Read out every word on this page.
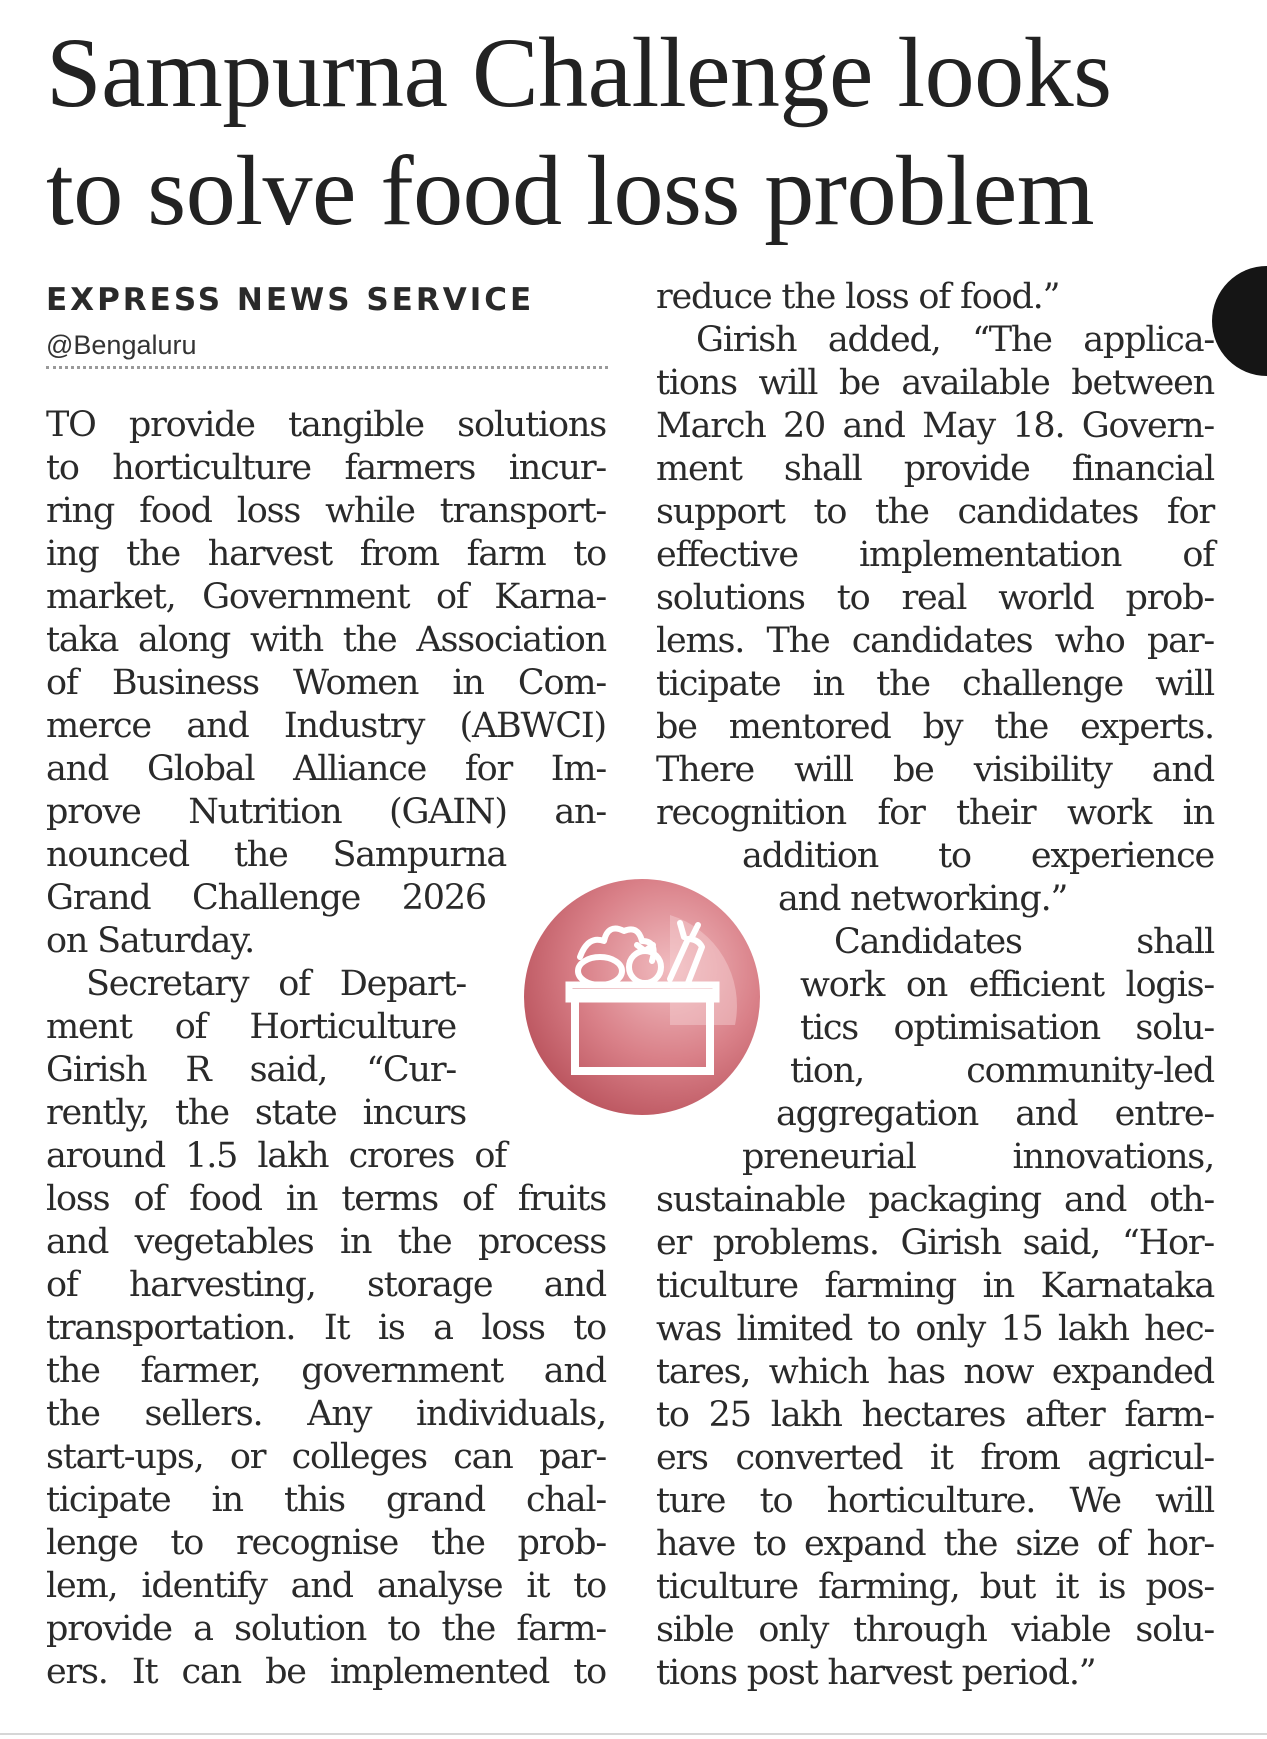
Sampurna Challenge looks
to solve food loss problem
EXPRESS NEWS SERVICE
@Bengaluru
TO provide tangible solutions
to horticulture farmers incur-
ring food loss while transport-
ing the harvest from farm to
market, Government of Karna-
taka along with the Association
of Business Women in Com-
merce and Industry (ABWCI)
and Global Alliance for Im-
prove Nutrition (GAIN) an-
nounced the Sampurna
Grand Challenge 2026
on Saturday.
Secretary of Depart-
ment of Horticulture
Girish R said, “Cur-
rently, the state incurs
around 1.5 lakh crores of
loss of food in terms of fruits
and vegetables in the process
of harvesting, storage and
transportation. It is a loss to
the farmer, government and
the sellers. Any individuals,
start-ups, or colleges can par-
ticipate in this grand chal-
lenge to recognise the prob-
lem, identify and analyse it to
provide a solution to the farm-
ers. It can be implemented to
reduce the loss of food.”
Girish added, “The applica-
tions will be available between
March 20 and May 18. Govern-
ment shall provide financial
support to the candidates for
effective implementation of
solutions to real world prob-
lems. The candidates who par-
ticipate in the challenge will
be mentored by the experts.
There will be visibility and
recognition for their work in
addition to experience
and networking.”
Candidates shall
work on efficient logis-
tics optimisation solu-
tion, community-led
aggregation and entre-
preneurial innovations,
sustainable packaging and oth-
er problems. Girish said, “Hor-
ticulture farming in Karnataka
was limited to only 15 lakh hec-
tares, which has now expanded
to 25 lakh hectares after farm-
ers converted it from agricul-
ture to horticulture. We will
have to expand the size of hor-
ticulture farming, but it is pos-
sible only through viable solu-
tions post harvest period.”
